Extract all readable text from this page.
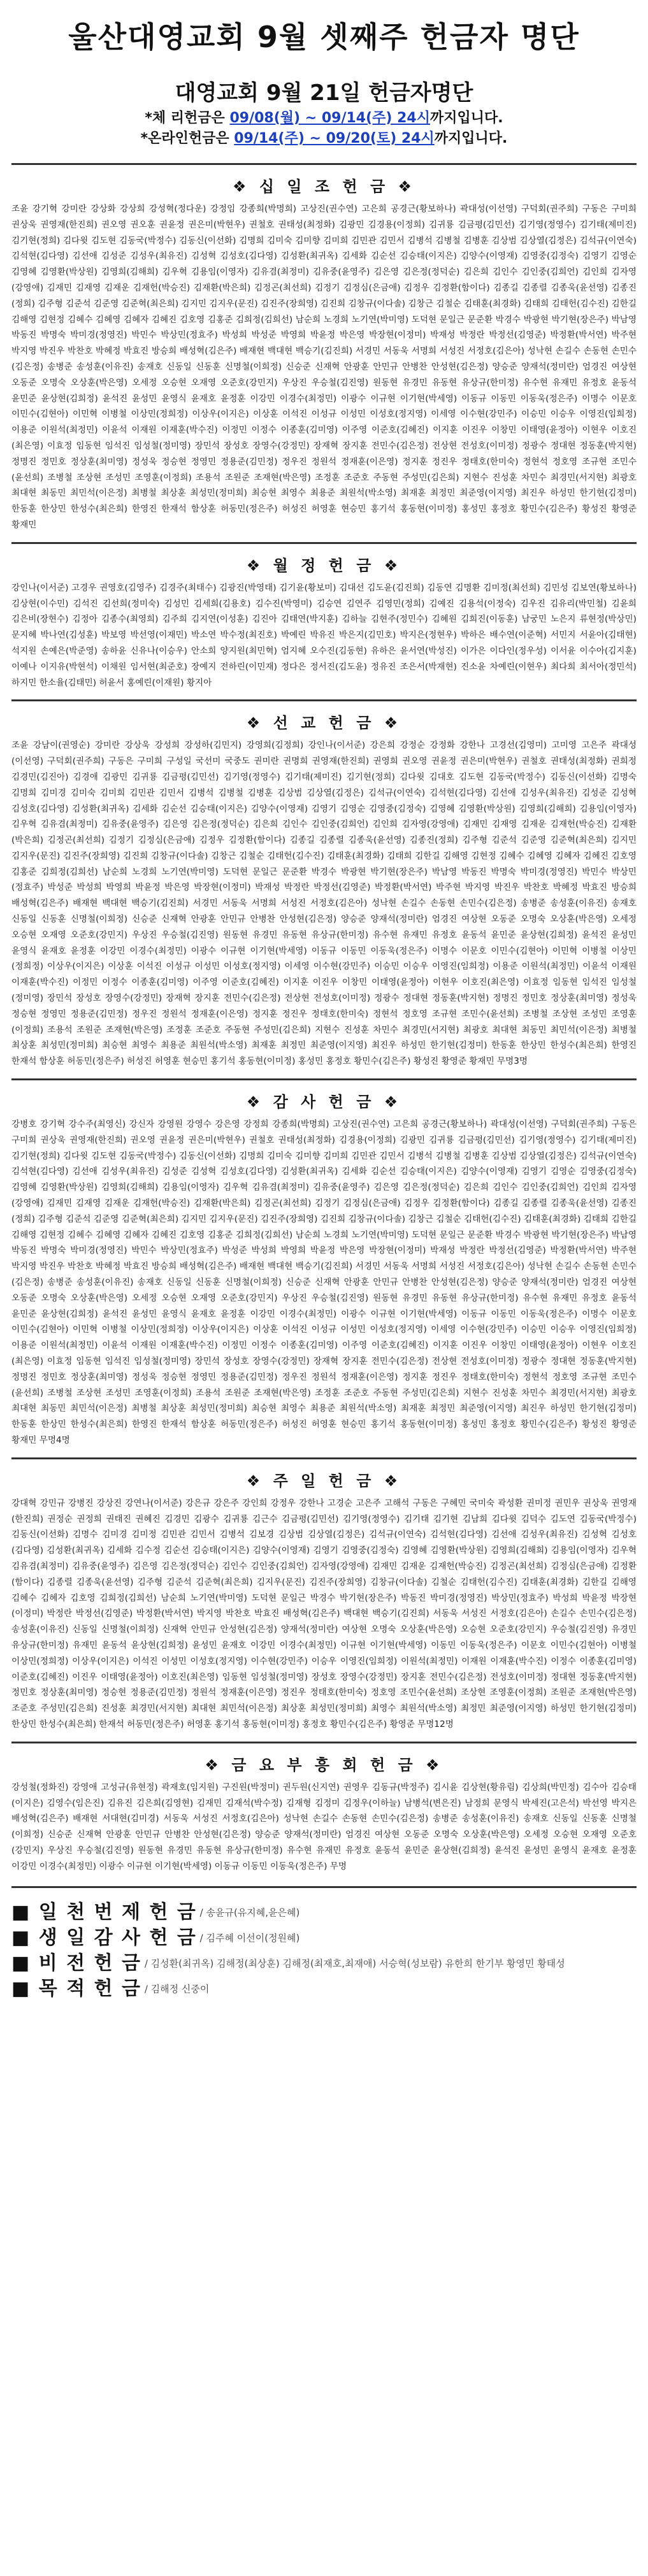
울산대영교회 9월 셋째주 헌금자 명단
대영교회 9월 21일 헌금자명단
*체 리헌금은 09/08(월) ~ 09/14(주) 24시까지입니다.
*온라인헌금은 09/14(주) ~ 09/20(토) 24시까지입니다.
❖ 십 일 조 헌 금 ❖
조윤 강기혁 강미란 강상화 강상희 강성혁(정다운) 강정임 강종희(박명희) 고상진(권수연) 고은희 공경근(황보하나) 곽대성(이선영) 구덕회(권주희) 구동은 구미희 권상욱 권영재(한진희) 권오영 권오훈 권윤정 권은미(박현우) 권철호 권태성(최정화) 김광민 김경용(이정희) 김귀룡 김금평(김민선) 김기영(정영수) 김기태(제미진) 김기현(정희) 김다윗 김도현 김동국(박정수) 김동신(이선화) 김명희 김미숙 김미향 김미희 김민관 김민서 김병석 김병철 김병훈 김상범 김상열(김정은) 김석규(이연숙) 김석현(김다영) 김선애 김성준 김성우(최유진) 김성혁 김성호(김다영) 김성환(최귀옥) 김세화 김순선 김승태(이지은) 김양수(이영재) 김영중(김정숙) 김영기 김영순 김영혜 김영환(박상원) 김영희(김해희) 김우혁 김용임(이영자) 김유겸(최정미) 김유중(윤영주) 김은영 김은정(정덕순) 김은희 김인수 김인중(김희언) 김인희 김자영(강영애) 김재민 김재영 김재운 김재헌(박승진) 김재환(박은희) 김정곤(최선희) 김정기 김정심(은금애) 김정우 김정환(함이다) 김종길 김종렬 김종욱(윤선영) 김종진(정희) 김주형 김준석 김준영 김준혁(최은희) 김지민 김지우(문진) 김진주(장희영) 김진희 김창규(이다솔) 김창근 김철순 김태훈(최경화) 김태희 김태헌(김수진) 김한길 김해영 김현정 김혜수 김혜영 김혜자 김혜진 김호영 김홍준 김희정(김희선) 남순희 노경희 노기연(박미영) 도덕현 문일근 문준환 박경수 박광현 박기현(장은주) 박남영 박동진 박명숙 박미경(정영진) 박민수 박상민(정효주) 박성희 박성준 박영희 박윤정 박은영 박장현(이정미) 박재성 박정란 박정선(김영준) 박정환(박서연) 박주현 박지영 박진우 박찬호 박혜정 박효진 방승희 배성혁(김은주) 배재현 백대현 백승기(김진희) 서경민 서동욱 서명희 서성진 서정호(김은아) 성낙현 손길수 손동현 손민수(김은정) 송병준 송성훈(이유진) 송재호 신동일 신동훈 신명철(이희정) 신승준 신재혁 안광훈 안민규 안병찬 안성현(김은정) 양승준 양재석(정미란) 엄경진 여상현 오동준 오명숙 오상훈(박은영) 오세정 오승현 오재영 오준호(강민지) 우상진 우승철(김진영) 원동현 유경민 유동현 유상규(한미정) 유수현 유재민 유정호 윤동석 윤민준 윤상현(김희정) 윤석진 윤성민 윤영식 윤재호 윤정훈 이강민 이경수(최정민) 이광수 이규현 이기현(박세영) 이동규 이동민 이동욱(정은주) 이명수 이문호 이민수(김현아) 이민혁 이병철 이상민(정희정) 이상우(이지은) 이상훈 이석진 이성규 이성민 이성호(정지영) 이세영 이수현(강민주) 이승민 이승우 이영진(임희정) 이용준 이원석(최정민) 이윤석 이재원 이재훈(박수진) 이정민 이정수 이종훈(김미영) 이주영 이준호(김혜진) 이지훈 이진우 이창민 이태영(윤정아) 이현우 이호진(최은영) 이효정 임동현 임석진 임성철(정미영) 장민석 장성호 장영수(강정민) 장재혁 장지훈 전민수(김은정) 전상현 전성호(이미정) 정광수 정대현 정동훈(박지현) 정명진 정민호 정상훈(최미영) 정성욱 정승현 정영민 정용준(김민정) 정우진 정원석 정재훈(이은영) 정지훈 정진우 정태호(한미숙) 정현석 정호영 조규현 조민수(윤선희) 조병철 조상현 조성민 조영훈(이정희) 조용석 조원준 조재현(박은영) 조정훈 조준호 주동현 주성민(김은희) 지현수 진성훈 차민수 최경민(서지현) 최광호 최대현 최동민 최민석(이은정) 최병철 최상훈 최성민(정미희) 최승현 최영수 최용준 최원석(박소영) 최재훈 최정민 최준영(이지영) 최진우 하성민 한기현(김정미) 한동훈 한상민 한성수(최은희) 한영진 한재석 함상훈 허동민(정은주) 허성진 허영훈 현승민 홍기석 홍동현(이미정) 홍성민 홍정호 황민수(김은주) 황성진 황영준 황재민
❖ 월 정 헌 금 ❖
강인나(이서준) 고경우 권영호(김영주) 김경주(최태수) 김광진(박영태) 김기윤(황보미) 김대선 김도윤(김진희) 김동연 김명환 김미정(최선희) 김민성 김보연(황보하나) 김상현(이수민) 김석진 김선희(정미숙) 김성민 김세희(김용호) 김수진(박영미) 김승연 김연주 김영민(정희) 김예진 김용석(이정숙) 김우진 김유리(박민철) 김윤희 김은비(장현수) 김정아 김종수(최영희) 김주희 김지연(이성훈) 김진아 김태연(박지훈) 김하늘 김현주(정민수) 김혜원 김희진(이동훈) 남궁민 노은지 류현정(박상민) 문지혜 박나연(김성훈) 박보영 박선영(이재민) 박소연 박수정(최진호) 박예린 박유진 박은지(김민호) 박지은(정현우) 박하은 배수연(이준혁) 서민지 서윤아(김태현) 석지원 손예은(박준영) 송하윤 신유나(이승우) 안소희 양지원(최민혁) 엄지혜 오수진(김동현) 유하은 윤서연(박성진) 이가은 이다인(정우성) 이서윤 이수아(김지훈) 이예나 이지유(박현석) 이채원 임서현(최준호) 장예지 전하린(이민재) 정다은 정서진(김도윤) 정유진 조은서(박재현) 진소윤 차예린(이현우) 최다희 최서아(정민석) 하지민 한소율(김태민) 허윤서 홍예린(이재원) 황지아
❖ 선 교 헌 금 ❖
조윤 강남이(권영순) 강미란 강상욱 강성희 강성하(김민지) 강영희(김정희) 강인나(이서준) 강은희 강정순 강정화 강한나 고경선(김영미) 고미영 고은주 곽대성(이선영) 구덕회(권주희) 구동은 구미희 구성일 국선미 국중도 권미란 권명희 권영재(한진희) 권영희 권오영 권윤정 권은미(박현우) 권철호 권태성(최정화) 권희정 김경민(김진아) 김경애 김광민 김귀룡 김금평(김민선) 김기영(정영수) 김기태(제미진) 김기현(정희) 김다윗 김대호 김도현 김동국(박정수) 김동신(이선화) 김명숙 김명희 김미경 김미숙 김미희 김민관 김민서 김병석 김병철 김병훈 김상범 김상열(김정은) 김석규(이연숙) 김석현(김다영) 김선애 김성우(최유진) 김성준 김성혁 김성호(김다영) 김성환(최귀옥) 김세화 김순선 김승태(이지은) 김양수(이영재) 김영기 김영순 김영중(김정숙) 김영혜 김영환(박상원) 김영희(김해희) 김용임(이영자) 김우혁 김유겸(최정미) 김유중(윤영주) 김은영 김은정(정덕순) 김은희 김인수 김인중(김희언) 김인희 김자영(강영애) 김재민 김재영 김재운 김재헌(박승진) 김재환(박은희) 김정곤(최선희) 김정기 김정심(은금애) 김정우 김정환(함이다) 김종길 김종렬 김종욱(윤선영) 김종진(정희) 김주형 김준석 김준영 김준혁(최은희) 김지민 김지우(문진) 김진주(장희영) 김진희 김창규(이다솔) 김창근 김철순 김태헌(김수진) 김태훈(최경화) 김태희 김한길 김해영 김현정 김혜수 김혜영 김혜자 김혜진 김호영 김홍준 김희정(김희선) 남순희 노경희 노기연(박미영) 도덕현 문일근 문준환 박경수 박광현 박기현(장은주) 박남영 박동진 박명숙 박미경(정영진) 박민수 박상민(정효주) 박성준 박성희 박영희 박윤정 박은영 박장현(이정미) 박재성 박정란 박정선(김영준) 박정환(박서연) 박주현 박지영 박진우 박찬호 박혜정 박효진 방승희 배성혁(김은주) 배재현 백대현 백승기(김진희) 서경민 서동욱 서명희 서성진 서정호(김은아) 성낙현 손길수 손동현 손민수(김은정) 송병준 송성훈(이유진) 송재호 신동일 신동훈 신명철(이희정) 신승준 신재혁 안광훈 안민규 안병찬 안성현(김은정) 양승준 양재석(정미란) 엄경진 여상현 오동준 오명숙 오상훈(박은영) 오세정 오승현 오재영 오준호(강민지) 우상진 우승철(김진영) 원동현 유경민 유동현 유상규(한미정) 유수현 유재민 유정호 윤동석 윤민준 윤상현(김희정) 윤석진 윤성민 윤영식 윤재호 윤정훈 이강민 이경수(최정민) 이광수 이규현 이기현(박세영) 이동규 이동민 이동욱(정은주) 이명수 이문호 이민수(김현아) 이민혁 이병철 이상민(정희정) 이상우(이지은) 이상훈 이석진 이성규 이성민 이성호(정지영) 이세영 이수현(강민주) 이승민 이승우 이영진(임희정) 이용준 이원석(최정민) 이윤석 이재원 이재훈(박수진) 이정민 이정수 이종훈(김미영) 이주영 이준호(김혜진) 이지훈 이진우 이창민 이태영(윤정아) 이현우 이호진(최은영) 이효정 임동현 임석진 임성철(정미영) 장민석 장성호 장영수(강정민) 장재혁 장지훈 전민수(김은정) 전상현 전성호(이미정) 정광수 정대현 정동훈(박지현) 정명진 정민호 정상훈(최미영) 정성욱 정승현 정영민 정용준(김민정) 정우진 정원석 정재훈(이은영) 정지훈 정진우 정태호(한미숙) 정현석 정호영 조규현 조민수(윤선희) 조병철 조상현 조성민 조영훈(이정희) 조용석 조원준 조재현(박은영) 조정훈 조준호 주동현 주성민(김은희) 지현수 진성훈 차민수 최경민(서지현) 최광호 최대현 최동민 최민석(이은정) 최병철 최상훈 최성민(정미희) 최승현 최영수 최용준 최원석(박소영) 최재훈 최정민 최준영(이지영) 최진우 하성민 한기현(김정미) 한동훈 한상민 한성수(최은희) 한영진 한재석 함상훈 허동민(정은주) 허성진 허영훈 현승민 홍기석 홍동현(이미정) 홍성민 홍정호 황민수(김은주) 황성진 황영준 황재민 무명3명
❖ 감 사 헌 금 ❖
강병호 강기혁 강수주(최영신) 강신자 강영원 강영수 강은영 강정희 강종희(박명희) 고상진(권수연) 고은희 공경근(황보하나) 곽대성(이선영) 구덕회(권주희) 구동은 구미희 권상욱 권영재(한진희) 권오영 권윤정 권은미(박현우) 권철호 권태성(최정화) 김경용(이정희) 김광민 김귀룡 김금평(김민선) 김기영(정영수) 김기태(제미진) 김기현(정희) 김다윗 김도현 김동국(박정수) 김동신(이선화) 김명희 김미숙 김미향 김미희 김민관 김민서 김병석 김병철 김병훈 김상범 김상열(김정은) 김석규(이연숙) 김석현(김다영) 김선애 김성우(최유진) 김성준 김성혁 김성호(김다영) 김성환(최귀옥) 김세화 김순선 김승태(이지은) 김양수(이영재) 김영기 김영순 김영중(김정숙) 김영혜 김영환(박상원) 김영희(김해희) 김용임(이영자) 김우혁 김유겸(최정미) 김유중(윤영주) 김은영 김은정(정덕순) 김은희 김인수 김인중(김희언) 김인희 김자영(강영애) 김재민 김재영 김재운 김재헌(박승진) 김재환(박은희) 김정곤(최선희) 김정기 김정심(은금애) 김정우 김정환(함이다) 김종길 김종렬 김종욱(윤선영) 김종진(정희) 김주형 김준석 김준영 김준혁(최은희) 김지민 김지우(문진) 김진주(장희영) 김진희 김창규(이다솔) 김창근 김철순 김태헌(김수진) 김태훈(최경화) 김태희 김한길 김해영 김현정 김혜수 김혜영 김혜자 김혜진 김호영 김홍준 김희정(김희선) 남순희 노경희 노기연(박미영) 도덕현 문일근 문준환 박경수 박광현 박기현(장은주) 박남영 박동진 박명숙 박미경(정영진) 박민수 박상민(정효주) 박성준 박성희 박영희 박윤정 박은영 박장현(이정미) 박재성 박정란 박정선(김영준) 박정환(박서연) 박주현 박지영 박진우 박찬호 박혜정 박효진 방승희 배성혁(김은주) 배재현 백대현 백승기(김진희) 서경민 서동욱 서명희 서성진 서정호(김은아) 성낙현 손길수 손동현 손민수(김은정) 송병준 송성훈(이유진) 송재호 신동일 신동훈 신명철(이희정) 신승준 신재혁 안광훈 안민규 안병찬 안성현(김은정) 양승준 양재석(정미란) 엄경진 여상현 오동준 오명숙 오상훈(박은영) 오세정 오승현 오재영 오준호(강민지) 우상진 우승철(김진영) 원동현 유경민 유동현 유상규(한미정) 유수현 유재민 유정호 윤동석 윤민준 윤상현(김희정) 윤석진 윤성민 윤영식 윤재호 윤정훈 이강민 이경수(최정민) 이광수 이규현 이기현(박세영) 이동규 이동민 이동욱(정은주) 이명수 이문호 이민수(김현아) 이민혁 이병철 이상민(정희정) 이상우(이지은) 이상훈 이석진 이성규 이성민 이성호(정지영) 이세영 이수현(강민주) 이승민 이승우 이영진(임희정) 이용준 이원석(최정민) 이윤석 이재원 이재훈(박수진) 이정민 이정수 이종훈(김미영) 이주영 이준호(김혜진) 이지훈 이진우 이창민 이태영(윤정아) 이현우 이호진(최은영) 이효정 임동현 임석진 임성철(정미영) 장민석 장성호 장영수(강정민) 장재혁 장지훈 전민수(김은정) 전상현 전성호(이미정) 정광수 정대현 정동훈(박지현) 정명진 정민호 정상훈(최미영) 정성욱 정승현 정영민 정용준(김민정) 정우진 정원석 정재훈(이은영) 정지훈 정진우 정태호(한미숙) 정현석 정호영 조규현 조민수(윤선희) 조병철 조상현 조성민 조영훈(이정희) 조용석 조원준 조재현(박은영) 조정훈 조준호 주동현 주성민(김은희) 지현수 진성훈 차민수 최경민(서지현) 최광호 최대현 최동민 최민석(이은정) 최병철 최상훈 최성민(정미희) 최승현 최영수 최용준 최원석(박소영) 최재훈 최정민 최준영(이지영) 최진우 하성민 한기현(김정미) 한동훈 한상민 한성수(최은희) 한영진 한재석 함상훈 허동민(정은주) 허성진 허영훈 현승민 홍기석 홍동현(이미정) 홍성민 홍정호 황민수(김은주) 황성진 황영준 황재민 무명4명
❖ 주 일 헌 금 ❖
강대혁 강민규 강병진 강상진 강연나(이서준) 강은규 강은주 강인희 강정우 강한나 고경순 고은주 고해석 구동은 구혜민 국미숙 곽성환 권미정 권민우 권상욱 권영재(한진희) 권정순 권정희 권태진 권혜진 김경민 김광수 김귀룡 김근수 김금평(김민선) 김기영(정영수) 김기태 김기현 김남희 김다윗 김덕수 김도연 김동국(박정수) 김동신(이선화) 김명수 김미경 김미정 김민관 김민서 김병석 김보경 김상범 김상열(김정은) 김석규(이연숙) 김석현(김다영) 김선애 김성우(최유진) 김성혁 김성호(김다영) 김성환(최귀옥) 김세화 김수정 김순선 김승태(이지은) 김양수(이영재) 김영기 김영중(김정숙) 김영혜 김영환(박상원) 김영희(김해희) 김용임(이영자) 김우혁 김유겸(최정미) 김유중(윤영주) 김은영 김은정(정덕순) 김인수 김인중(김희언) 김자영(강영애) 김재민 김재운 김재헌(박승진) 김정곤(최선희) 김정심(은금애) 김정환(함이다) 김종렬 김종욱(윤선영) 김주형 김준석 김준혁(최은희) 김지우(문진) 김진주(장희영) 김창규(이다솔) 김철순 김태헌(김수진) 김태훈(최경화) 김한길 김해영 김혜수 김혜자 김호영 김희정(김희선) 남순희 노기연(박미영) 도덕현 문일근 박경수 박기현(장은주) 박동진 박미경(정영진) 박상민(정효주) 박성희 박윤정 박장현(이정미) 박정란 박정선(김영준) 박정환(박서연) 박지영 박찬호 박효진 배성혁(김은주) 백대현 백승기(김진희) 서동욱 서성진 서정호(김은아) 손길수 손민수(김은정) 송성훈(이유진) 신동일 신명철(이희정) 신재혁 안민규 안성현(김은정) 양재석(정미란) 여상현 오명숙 오상훈(박은영) 오승현 오준호(강민지) 우승철(김진영) 유경민 유상규(한미정) 유재민 윤동석 윤상현(김희정) 윤성민 윤재호 이강민 이경수(최정민) 이규현 이기현(박세영) 이동민 이동욱(정은주) 이문호 이민수(김현아) 이병철 이상민(정희정) 이상우(이지은) 이석진 이성민 이성호(정지영) 이수현(강민주) 이승우 이영진(임희정) 이원석(최정민) 이재원 이재훈(박수진) 이정수 이종훈(김미영) 이준호(김혜진) 이진우 이태영(윤정아) 이호진(최은영) 임동현 임성철(정미영) 장성호 장영수(강정민) 장지훈 전민수(김은정) 전성호(이미정) 정대현 정동훈(박지현) 정민호 정상훈(최미영) 정승현 정용준(김민정) 정원석 정재훈(이은영) 정진우 정태호(한미숙) 정호영 조민수(윤선희) 조상현 조영훈(이정희) 조원준 조재현(박은영) 조준호 주성민(김은희) 진성훈 최경민(서지현) 최대현 최민석(이은정) 최상훈 최성민(정미희) 최영수 최원석(박소영) 최정민 최준영(이지영) 하성민 한기현(김정미) 한상민 한성수(최은희) 한재석 허동민(정은주) 허영훈 홍기석 홍동현(이미정) 홍정호 황민수(김은주) 황영준 무명12명
❖ 금 요 부 흥 회 헌 금 ❖
강성철(정화진) 강영애 고성규(유현정) 곽재호(임지원) 구진원(박정미) 권두원(신지연) 권영우 김동규(박정주) 김시윤 김상현(황유림) 김상희(박민정) 김수아 김승태(이지은) 김영수(임은진) 김유진 김은희(김영현) 김재민 김재석(박수정) 김재형 김정미 김정우(이하늘) 남병석(변은진) 남정희 문영식 박세진(고은석) 박선영 박지은 배성혁(김은주) 배재현 서대현(김미경) 서동욱 서성진 서정호(김은아) 성낙현 손길수 손동현 손민수(김은정) 송병준 송성훈(이유진) 송재호 신동일 신동훈 신명철(이희정) 신승준 신재혁 안광훈 안민규 안병찬 안성현(김은정) 양승준 양재석(정미란) 엄경진 여상현 오동준 오명숙 오상훈(박은영) 오세정 오승현 오재영 오준호(강민지) 우상진 우승철(김진영) 원동현 유경민 유동현 유상규(한미정) 유수현 유재민 유정호 윤동석 윤민준 윤상현(김희정) 윤석진 윤성민 윤영식 윤재호 윤정훈 이강민 이경수(최정민) 이광수 이규현 이기현(박세영) 이동규 이동민 이동욱(정은주) 무명
■ 일 천 번 제 헌 금 / 송윤규(유지혜,윤은혜)
■ 생 일 감 사 헌 금 / 김주혜 이선이(정원혜)
■ 비 전 헌 금 / 김성환(최귀옥) 김해정(최상훈) 김해정(최재호,최재애) 서승혁(성보람) 유한희 한기부 황영민 황태성
■ 목 적 헌 금 / 김해정 신중이
